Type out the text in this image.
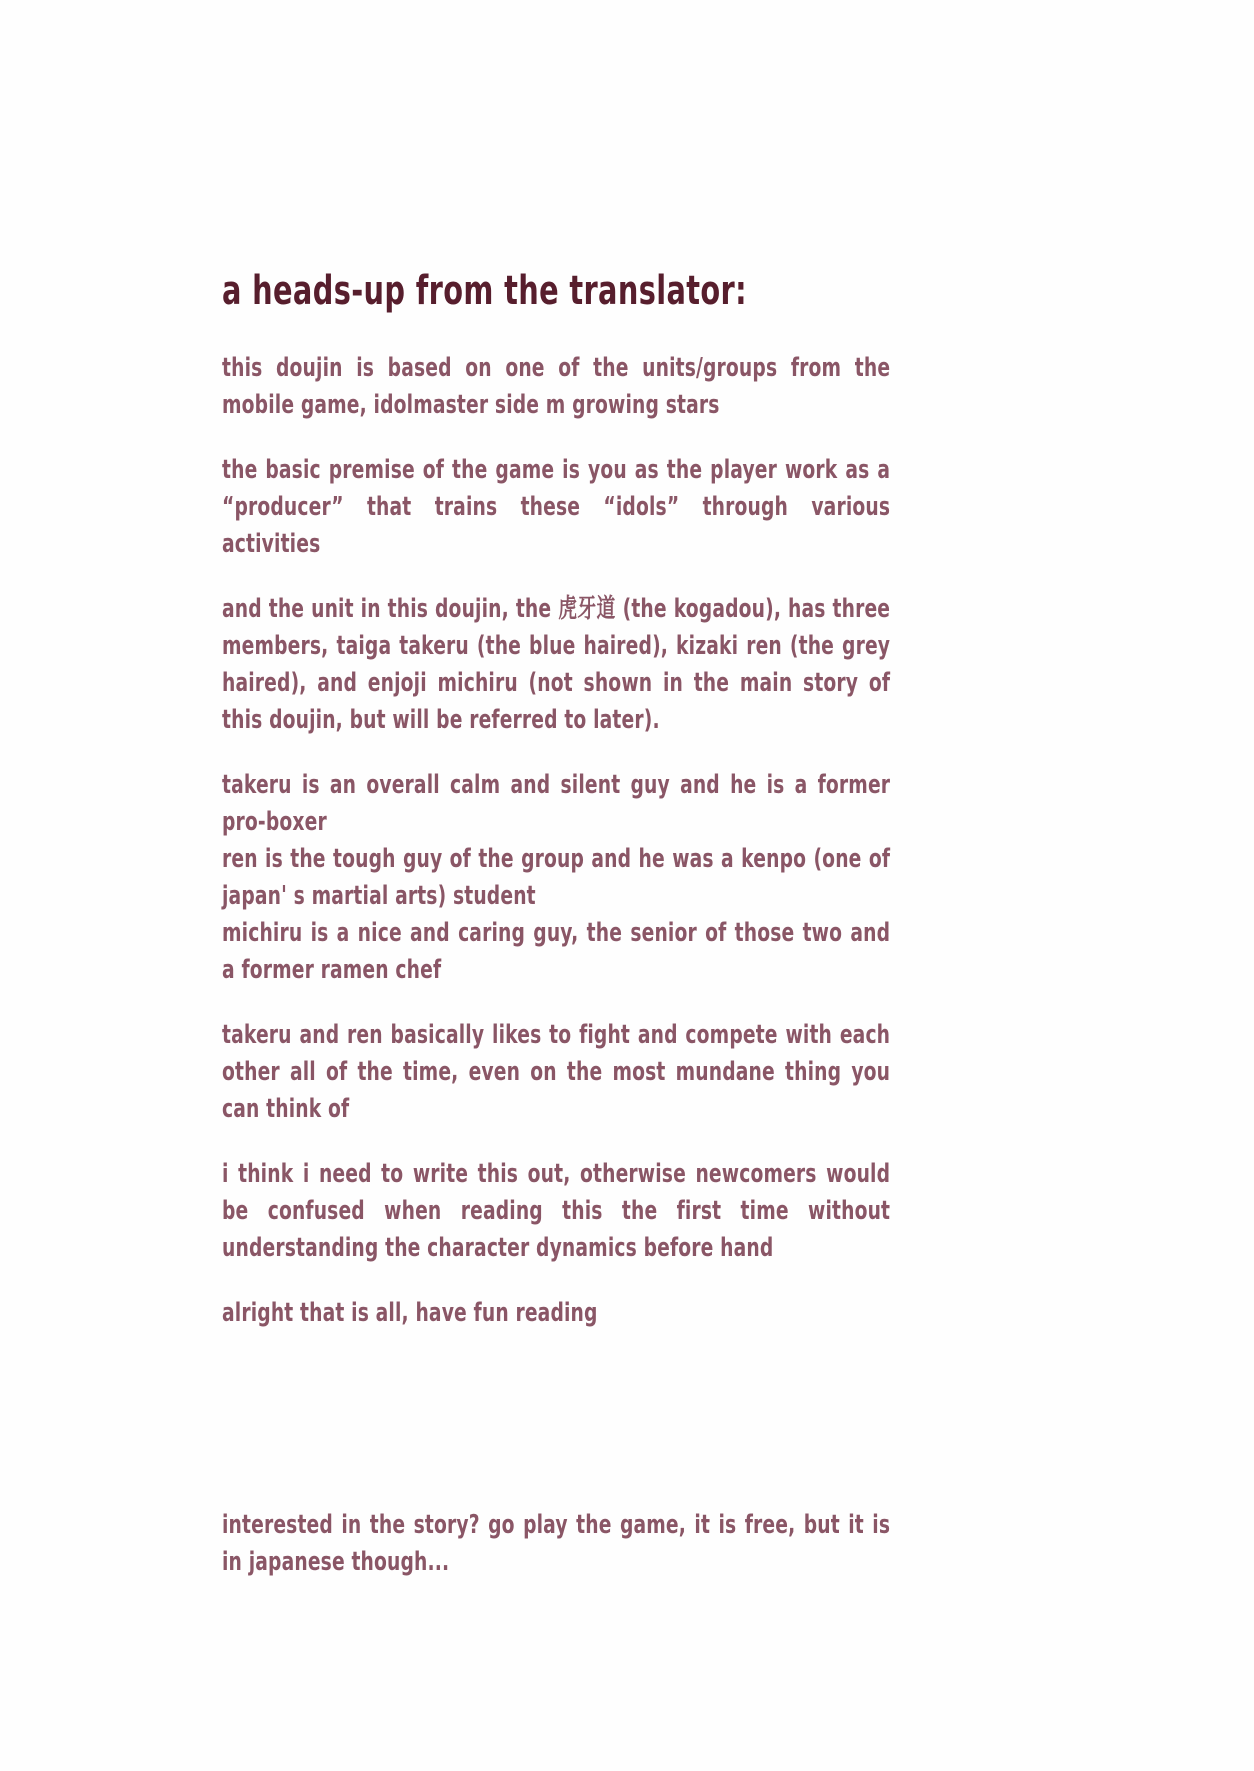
a heads-up from the translator:

this doujin is based on one of the units/groups from the mobile game, idolmaster side m growing stars

the basic premise of the game is you as the player work as a “producer” that trains these “idols” through various activities

and the unit in this doujin, the 虎牙道 (the kogadou), has three members, taiga takeru (the blue haired), kizaki ren (the grey haired), and enjoji michiru (not shown in the main story of this doujin, but will be referred to later).

takeru is an overall calm and silent guy and he is a former pro-boxer
ren is the tough guy of the group and he was a kenpo (one of japan' s martial arts) student
michiru is a nice and caring guy, the senior of those two and a former ramen chef

takeru and ren basically likes to fight and compete with each other all of the time, even on the most mundane thing you can think of

i think i need to write this out, otherwise newcomers would be confused when reading this the first time without understanding the character dynamics before hand

alright that is all, have fun reading

interested in the story? go play the game, it is free, but it is in japanese though...
